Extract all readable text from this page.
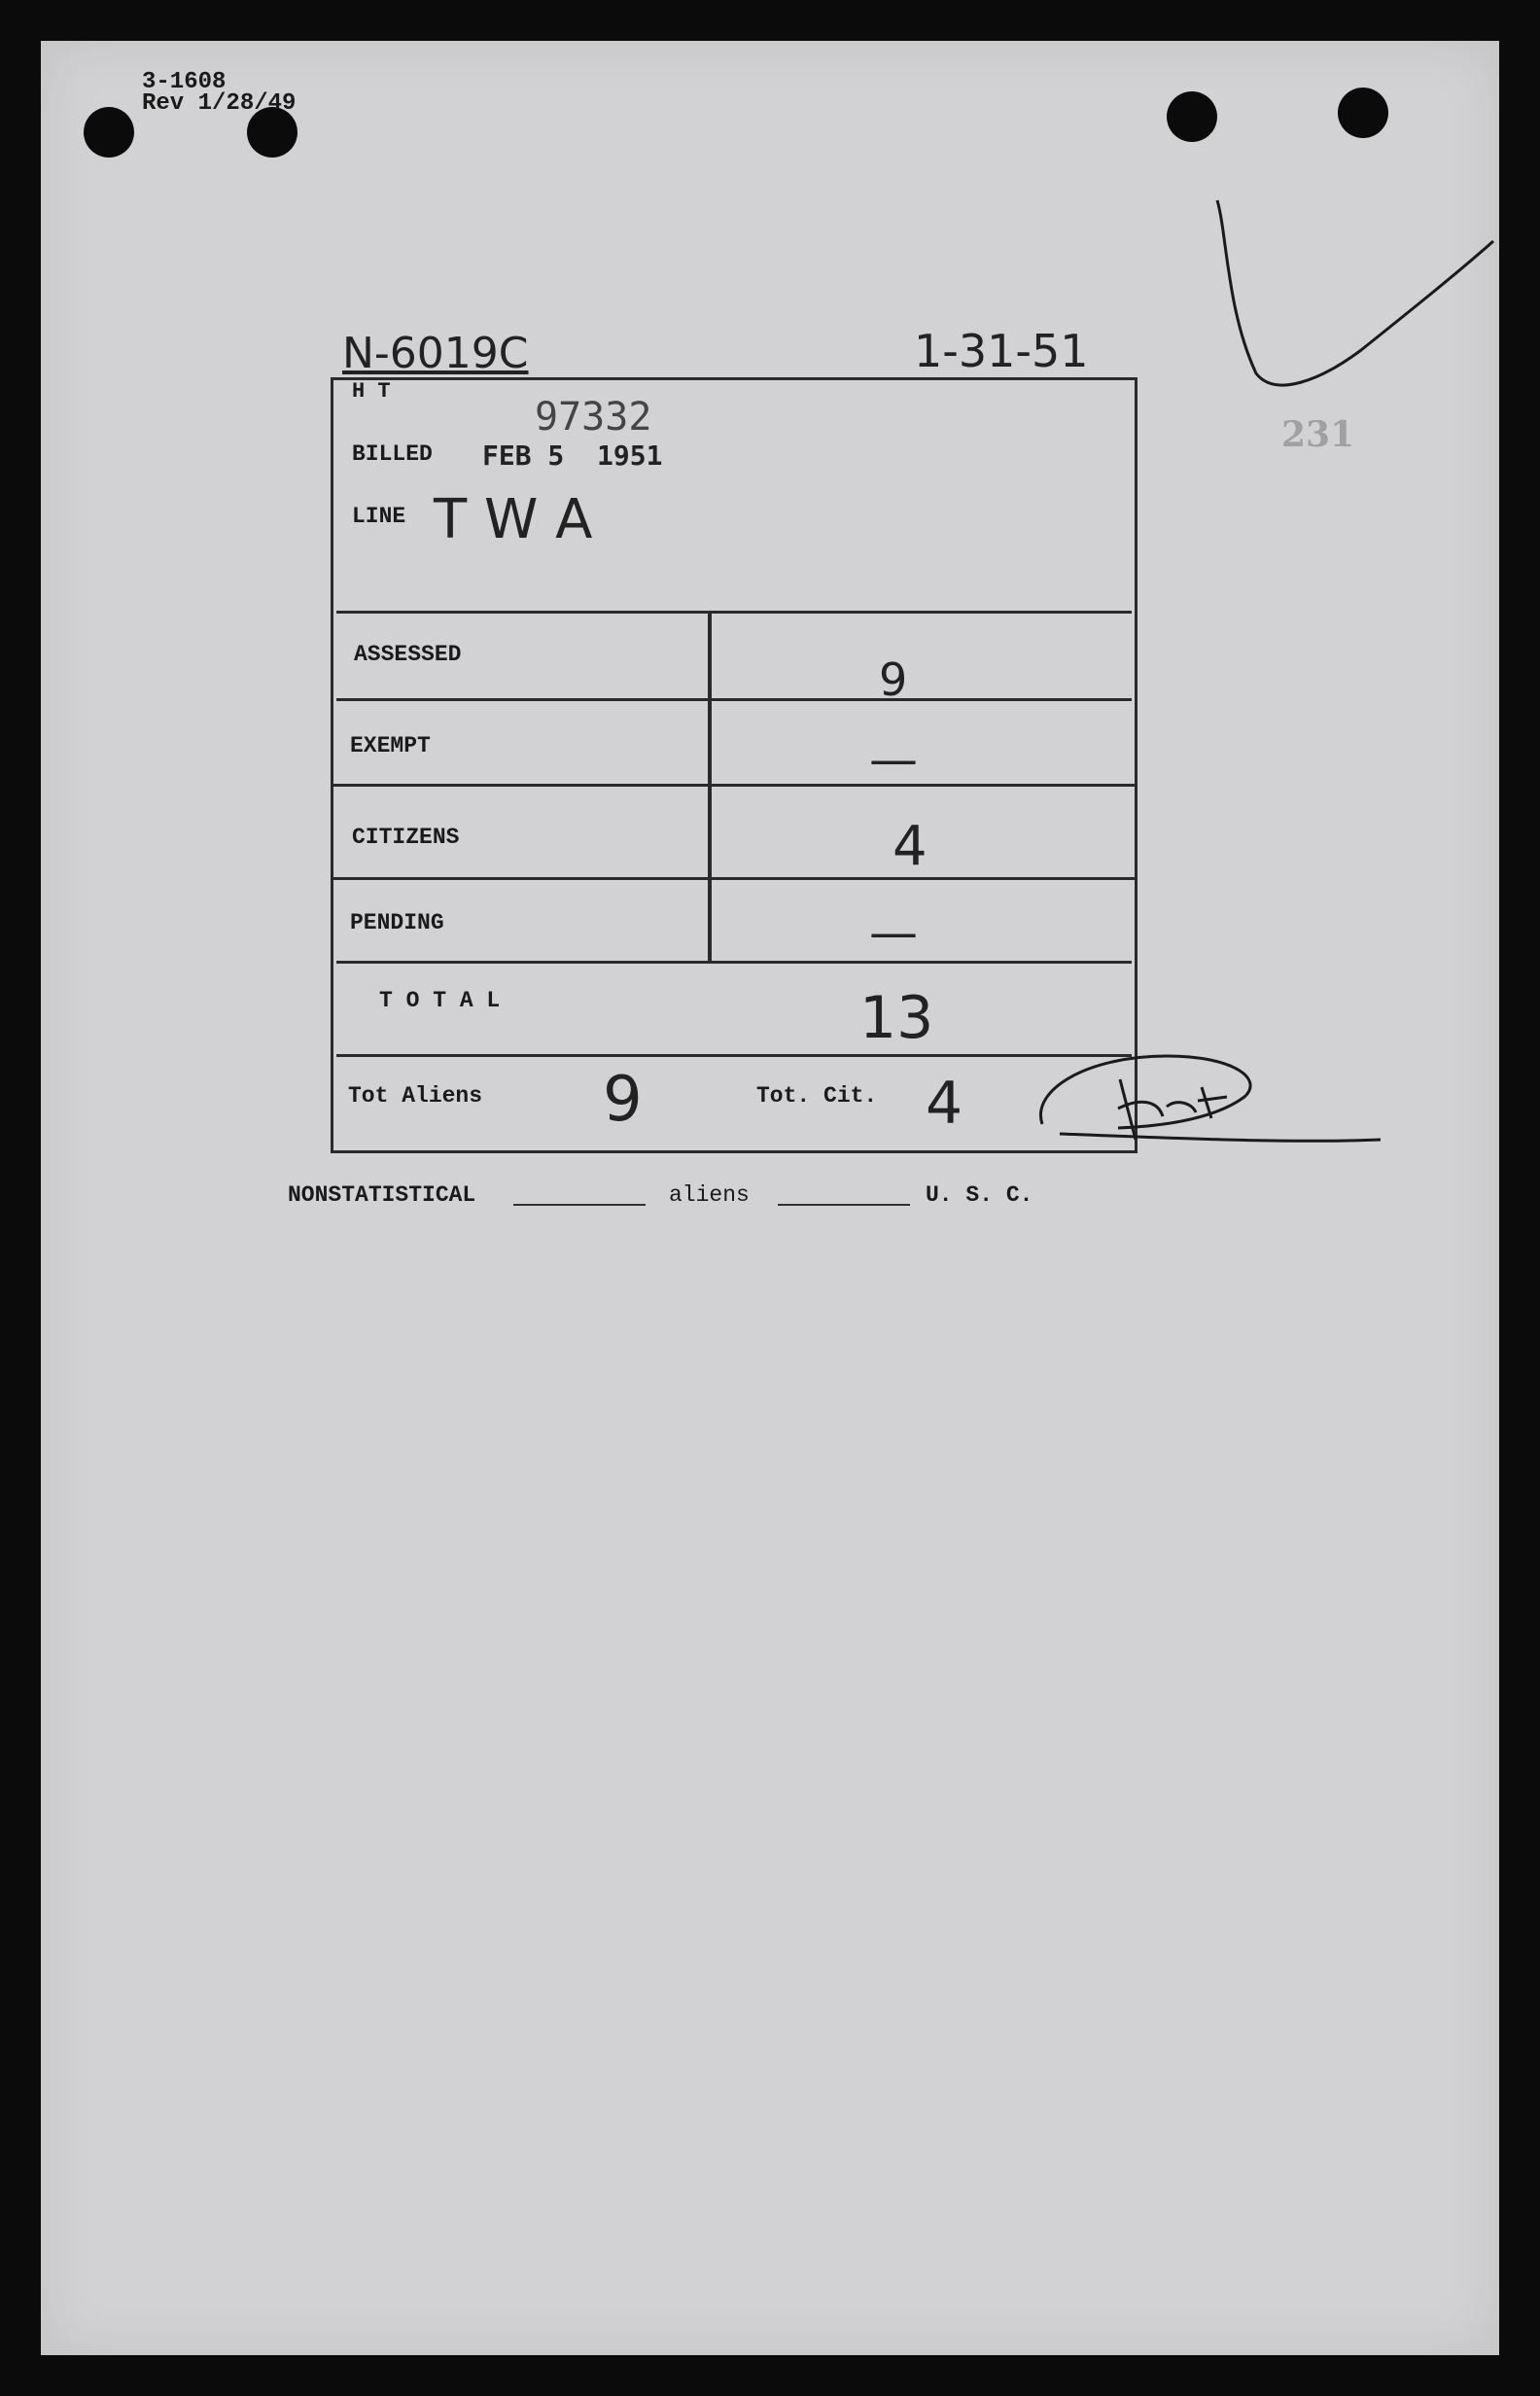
3-1608
Rev 1/28/49
N-6019C	1-31-51
H T
97332
BILLED FEB 5  1951
LINE T W A
ASSESSED	9
EXEMPT	—
CITIZENS	4
PENDING	—
T O T A L	13
Tot Aliens 9	Tot. Cit. 4
NONSTATISTICAL	aliens	U. S. C.
231
